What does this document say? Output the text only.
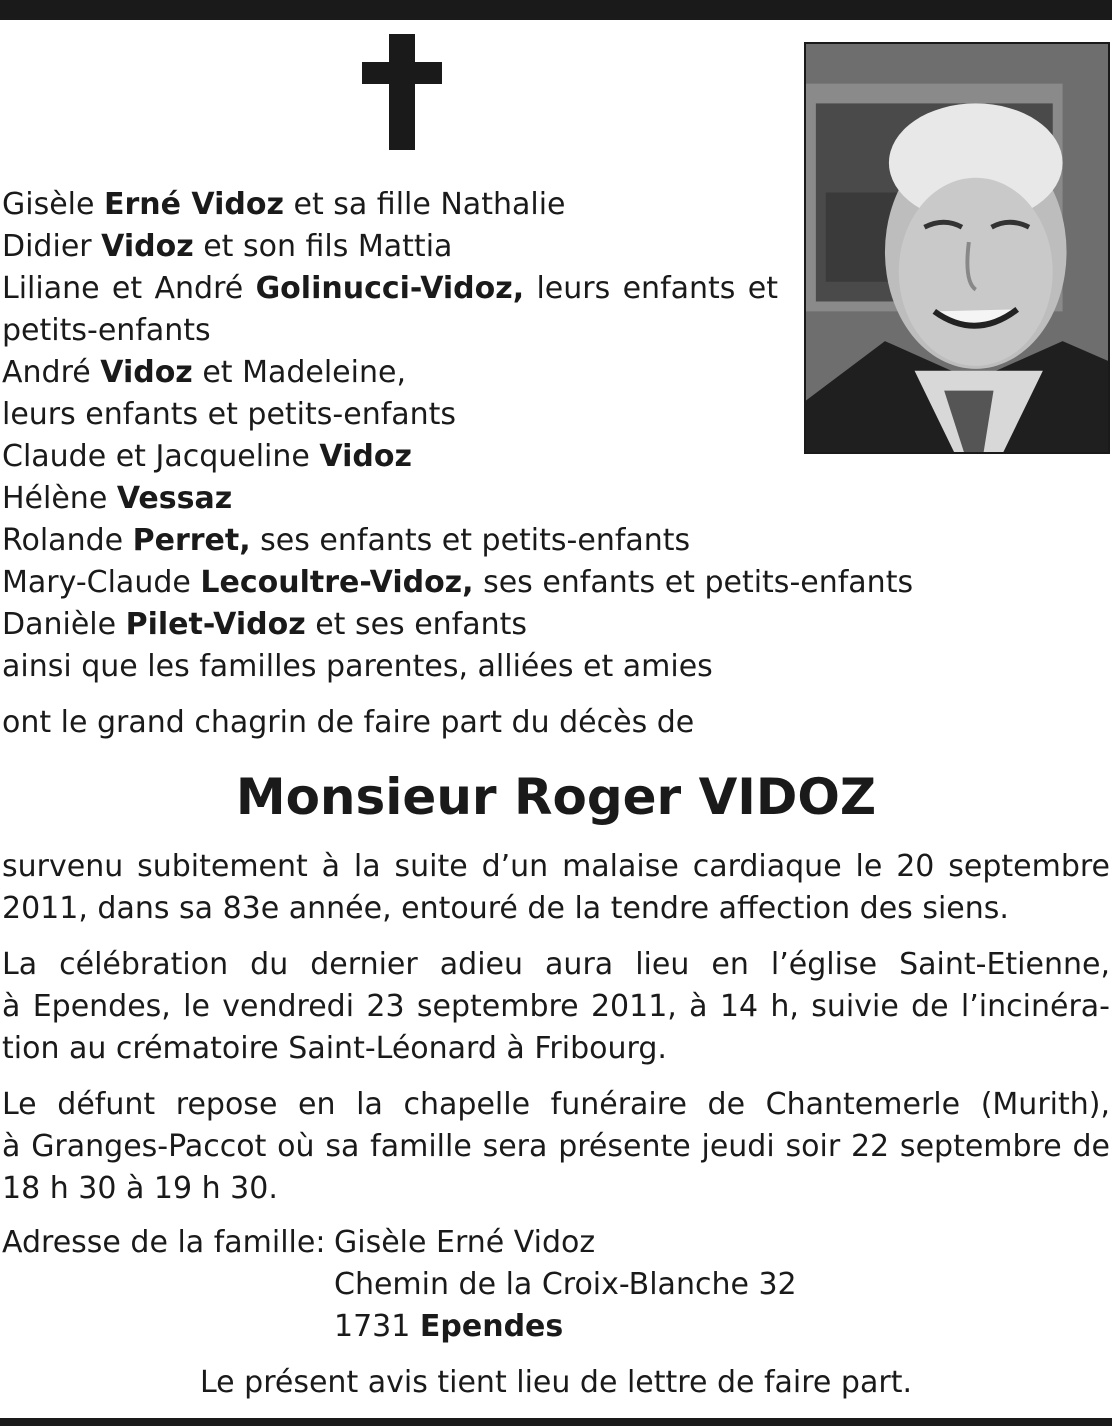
Gisèle Erné Vidoz et sa fille Nathalie
Didier Vidoz et son fils Mattia
Liliane et André Golinucci-Vidoz, leurs enfants et
petits-enfants
André Vidoz et Madeleine,
leurs enfants et petits-enfants
Claude et Jacqueline Vidoz
Hélène Vessaz
Rolande Perret, ses enfants et petits-enfants
Mary-Claude Lecoultre-Vidoz, ses enfants et petits-enfants
Danièle Pilet-Vidoz et ses enfants
ainsi que les familles parentes, alliées et amies
ont le grand chagrin de faire part du décès de
Monsieur Roger VIDOZ
survenu subitement à la suite d’un malaise cardiaque le 20 septembre
2011, dans sa 83e année, entouré de la tendre affection des siens.
La célébration du dernier adieu aura lieu en l’église Saint-Etienne,
à Ependes, le vendredi 23 septembre 2011, à 14 h, suivie de l’incinéra-
tion au crématoire Saint-Léonard à Fribourg.
Le défunt repose en la chapelle funéraire de Chantemerle (Murith),
à Granges-Paccot où sa famille sera présente jeudi soir 22 septembre de
18 h 30 à 19 h 30.
Adresse de la famille: Gisèle Erné Vidoz
Chemin de la Croix-Blanche 32
1731 Ependes
Le présent avis tient lieu de lettre de faire part.
